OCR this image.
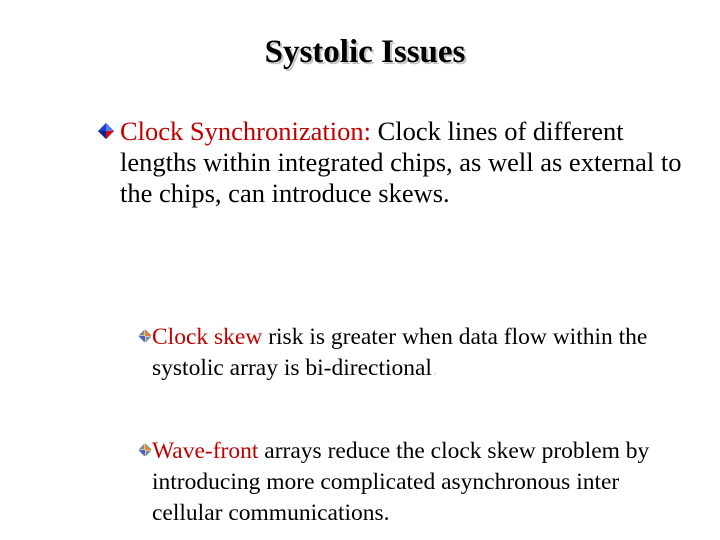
Systolic Issues
Clock Synchronization: Clock lines of different lengths within integrated chips, as well as external to the chips, can introduce skews.
Clock skew risk is greater when data flow within the systolic array is bi-directional.
Wave-front arrays reduce the clock skew problem by introducing more complicated asynchronous inter cellular communications.
